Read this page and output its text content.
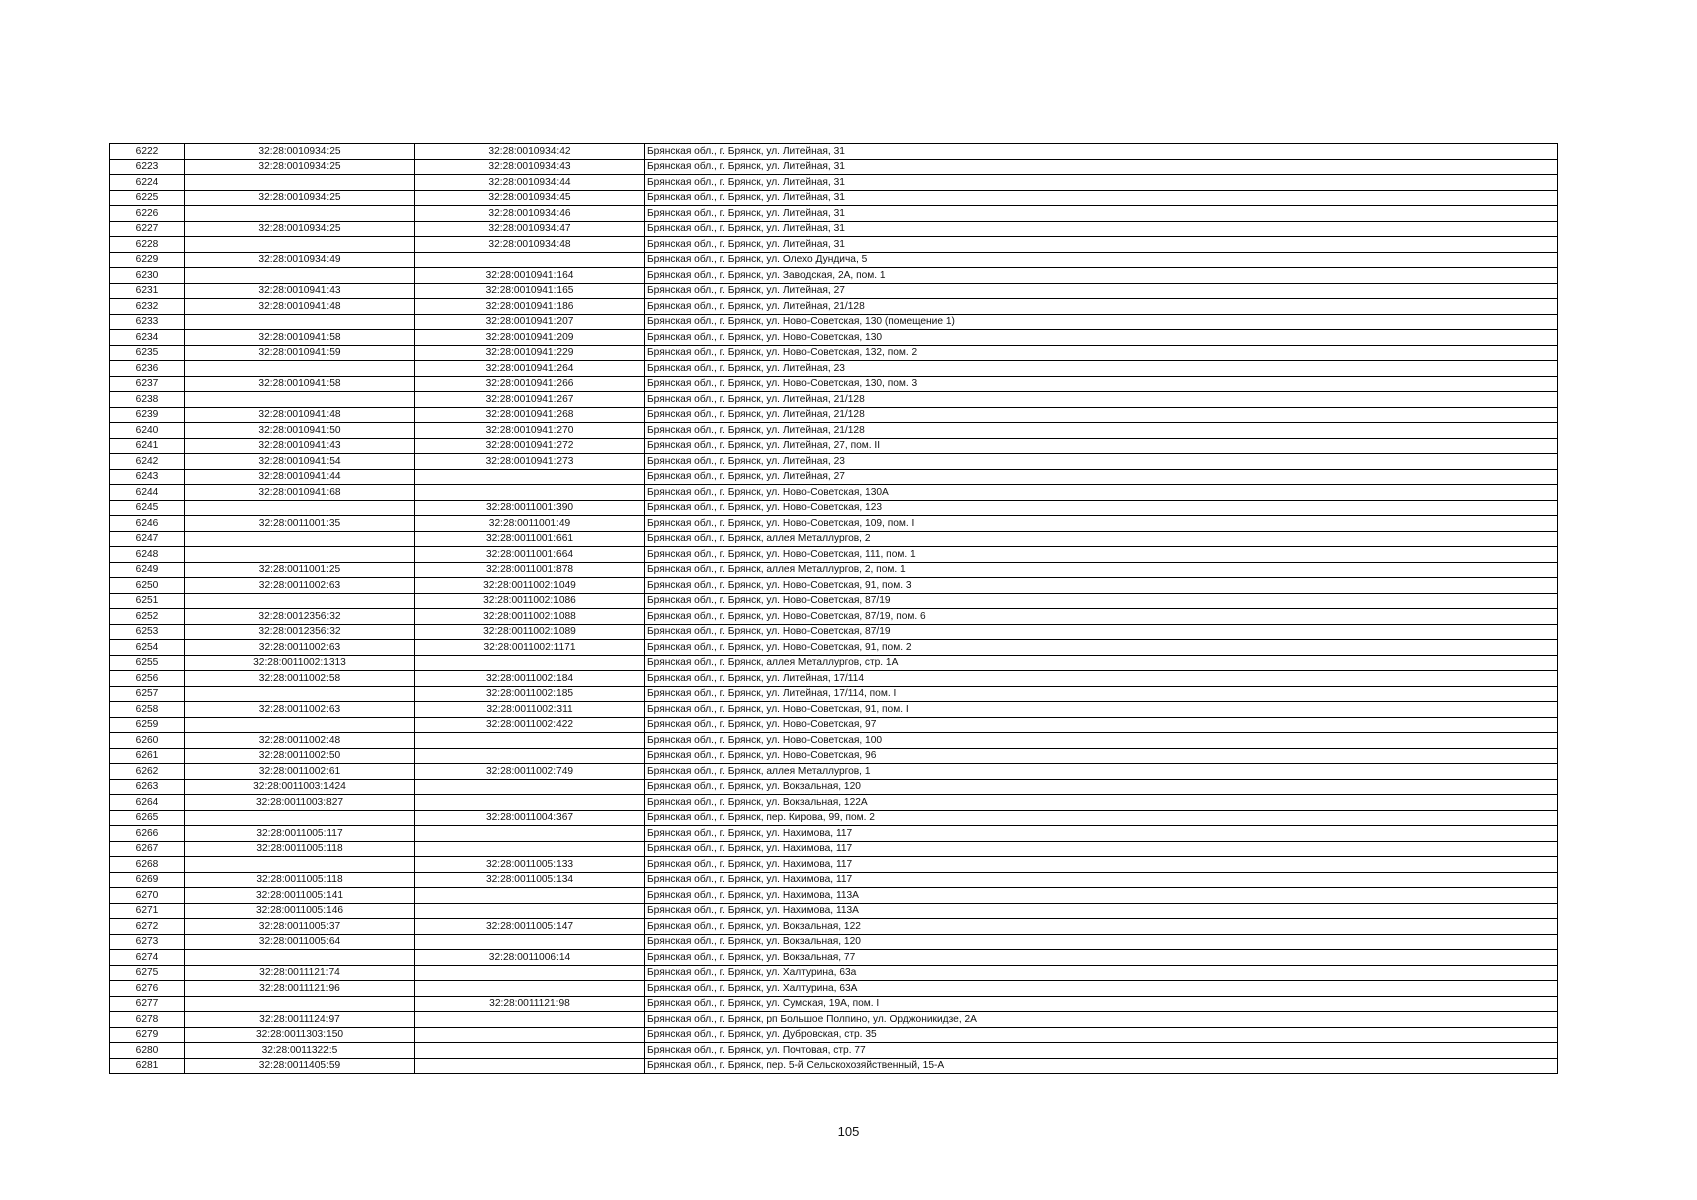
6222	32:28:0010934:25	32:28:0010934:42	Брянская обл., г. Брянск, ул. Литейная, 31
6223	32:28:0010934:25	32:28:0010934:43	Брянская обл., г. Брянск, ул. Литейная, 31
6224		32:28:0010934:44	Брянская обл., г. Брянск, ул. Литейная, 31
6225	32:28:0010934:25	32:28:0010934:45	Брянская обл., г. Брянск, ул. Литейная, 31
6226		32:28:0010934:46	Брянская обл., г. Брянск, ул. Литейная, 31
6227	32:28:0010934:25	32:28:0010934:47	Брянская обл., г. Брянск, ул. Литейная, 31
6228		32:28:0010934:48	Брянская обл., г. Брянск, ул. Литейная, 31
6229	32:28:0010934:49		Брянская обл., г. Брянск, ул. Олехо Дундича, 5
6230		32:28:0010941:164	Брянская обл., г. Брянск, ул. Заводская, 2А, пом. 1
6231	32:28:0010941:43	32:28:0010941:165	Брянская обл., г. Брянск, ул. Литейная, 27
6232	32:28:0010941:48	32:28:0010941:186	Брянская обл., г. Брянск, ул. Литейная, 21/128
6233		32:28:0010941:207	Брянская обл., г. Брянск, ул. Ново-Советская, 130 (помещение 1)
6234	32:28:0010941:58	32:28:0010941:209	Брянская обл., г. Брянск, ул. Ново-Советская, 130
6235	32:28:0010941:59	32:28:0010941:229	Брянская обл., г. Брянск, ул. Ново-Советская, 132, пом. 2
6236		32:28:0010941:264	Брянская обл., г. Брянск, ул. Литейная, 23
6237	32:28:0010941:58	32:28:0010941:266	Брянская обл., г. Брянск, ул. Ново-Советская, 130, пом. 3
6238		32:28:0010941:267	Брянская обл., г. Брянск, ул. Литейная, 21/128
6239	32:28:0010941:48	32:28:0010941:268	Брянская обл., г. Брянск, ул. Литейная, 21/128
6240	32:28:0010941:50	32:28:0010941:270	Брянская обл., г. Брянск, ул. Литейная, 21/128
6241	32:28:0010941:43	32:28:0010941:272	Брянская обл., г. Брянск, ул. Литейная, 27, пом. II
6242	32:28:0010941:54	32:28:0010941:273	Брянская обл., г. Брянск, ул. Литейная, 23
6243	32:28:0010941:44		Брянская обл., г. Брянск, ул. Литейная, 27
6244	32:28:0010941:68		Брянская обл., г. Брянск, ул. Ново-Советская, 130А
6245		32:28:0011001:390	Брянская обл., г. Брянск, ул. Ново-Советская, 123
6246	32:28:0011001:35	32:28:0011001:49	Брянская обл., г. Брянск, ул. Ново-Советская, 109, пом. I
6247		32:28:0011001:661	Брянская обл., г. Брянск, аллея Металлургов, 2
6248		32:28:0011001:664	Брянская обл., г. Брянск, ул. Ново-Советская, 111, пом. 1
6249	32:28:0011001:25	32:28:0011001:878	Брянская обл., г. Брянск, аллея Металлургов, 2, пом. 1
6250	32:28:0011002:63	32:28:0011002:1049	Брянская обл., г. Брянск, ул. Ново-Советская, 91, пом. 3
6251		32:28:0011002:1086	Брянская обл., г. Брянск, ул. Ново-Советская, 87/19
6252	32:28:0012356:32	32:28:0011002:1088	Брянская обл., г. Брянск, ул. Ново-Советская, 87/19, пом. 6
6253	32:28:0012356:32	32:28:0011002:1089	Брянская обл., г. Брянск, ул. Ново-Советская, 87/19
6254	32:28:0011002:63	32:28:0011002:1171	Брянская обл., г. Брянск, ул. Ново-Советская, 91, пом. 2
6255	32:28:0011002:1313		Брянская обл., г. Брянск, аллея Металлургов, стр. 1А
6256	32:28:0011002:58	32:28:0011002:184	Брянская обл., г. Брянск, ул. Литейная, 17/114
6257		32:28:0011002:185	Брянская обл., г. Брянск, ул. Литейная, 17/114, пом. I
6258	32:28:0011002:63	32:28:0011002:311	Брянская обл., г. Брянск, ул. Ново-Советская, 91, пом. I
6259		32:28:0011002:422	Брянская обл., г. Брянск, ул. Ново-Советская, 97
6260	32:28:0011002:48		Брянская обл., г. Брянск, ул. Ново-Советская, 100
6261	32:28:0011002:50		Брянская обл., г. Брянск, ул. Ново-Советская, 96
6262	32:28:0011002:61	32:28:0011002:749	Брянская обл., г. Брянск, аллея Металлургов, 1
6263	32:28:0011003:1424		Брянская обл., г. Брянск, ул. Вокзальная, 120
6264	32:28:0011003:827		Брянская обл., г. Брянск, ул. Вокзальная, 122А
6265		32:28:0011004:367	Брянская обл., г. Брянск, пер. Кирова, 99, пом. 2
6266	32:28:0011005:117		Брянская обл., г. Брянск, ул. Нахимова, 117
6267	32:28:0011005:118		Брянская обл., г. Брянск, ул. Нахимова, 117
6268		32:28:0011005:133	Брянская обл., г. Брянск, ул. Нахимова, 117
6269	32:28:0011005:118	32:28:0011005:134	Брянская обл., г. Брянск, ул. Нахимова, 117
6270	32:28:0011005:141		Брянская обл., г. Брянск, ул. Нахимова, 113А
6271	32:28:0011005:146		Брянская обл., г. Брянск, ул. Нахимова, 113А
6272	32:28:0011005:37	32:28:0011005:147	Брянская обл., г. Брянск, ул. Вокзальная, 122
6273	32:28:0011005:64		Брянская обл., г. Брянск, ул. Вокзальная, 120
6274		32:28:0011006:14	Брянская обл., г. Брянск, ул. Вокзальная, 77
6275	32:28:0011121:74		Брянская обл., г. Брянск, ул. Халтурина, 63а
6276	32:28:0011121:96		Брянская обл., г. Брянск, ул. Халтурина, 63А
6277		32:28:0011121:98	Брянская обл., г. Брянск, ул. Сумская, 19А, пом. I
6278	32:28:0011124:97		Брянская обл., г. Брянск, рп Большое Полпино, ул. Орджоникидзе, 2А
6279	32:28:0011303:150		Брянская обл., г. Брянск, ул. Дубровская, стр. 35
6280	32:28:0011322:5		Брянская обл., г. Брянск, ул. Почтовая, стр. 77
6281	32:28:0011405:59		Брянская обл., г. Брянск, пер. 5-й Сельскохозяйственный, 15-А
105
